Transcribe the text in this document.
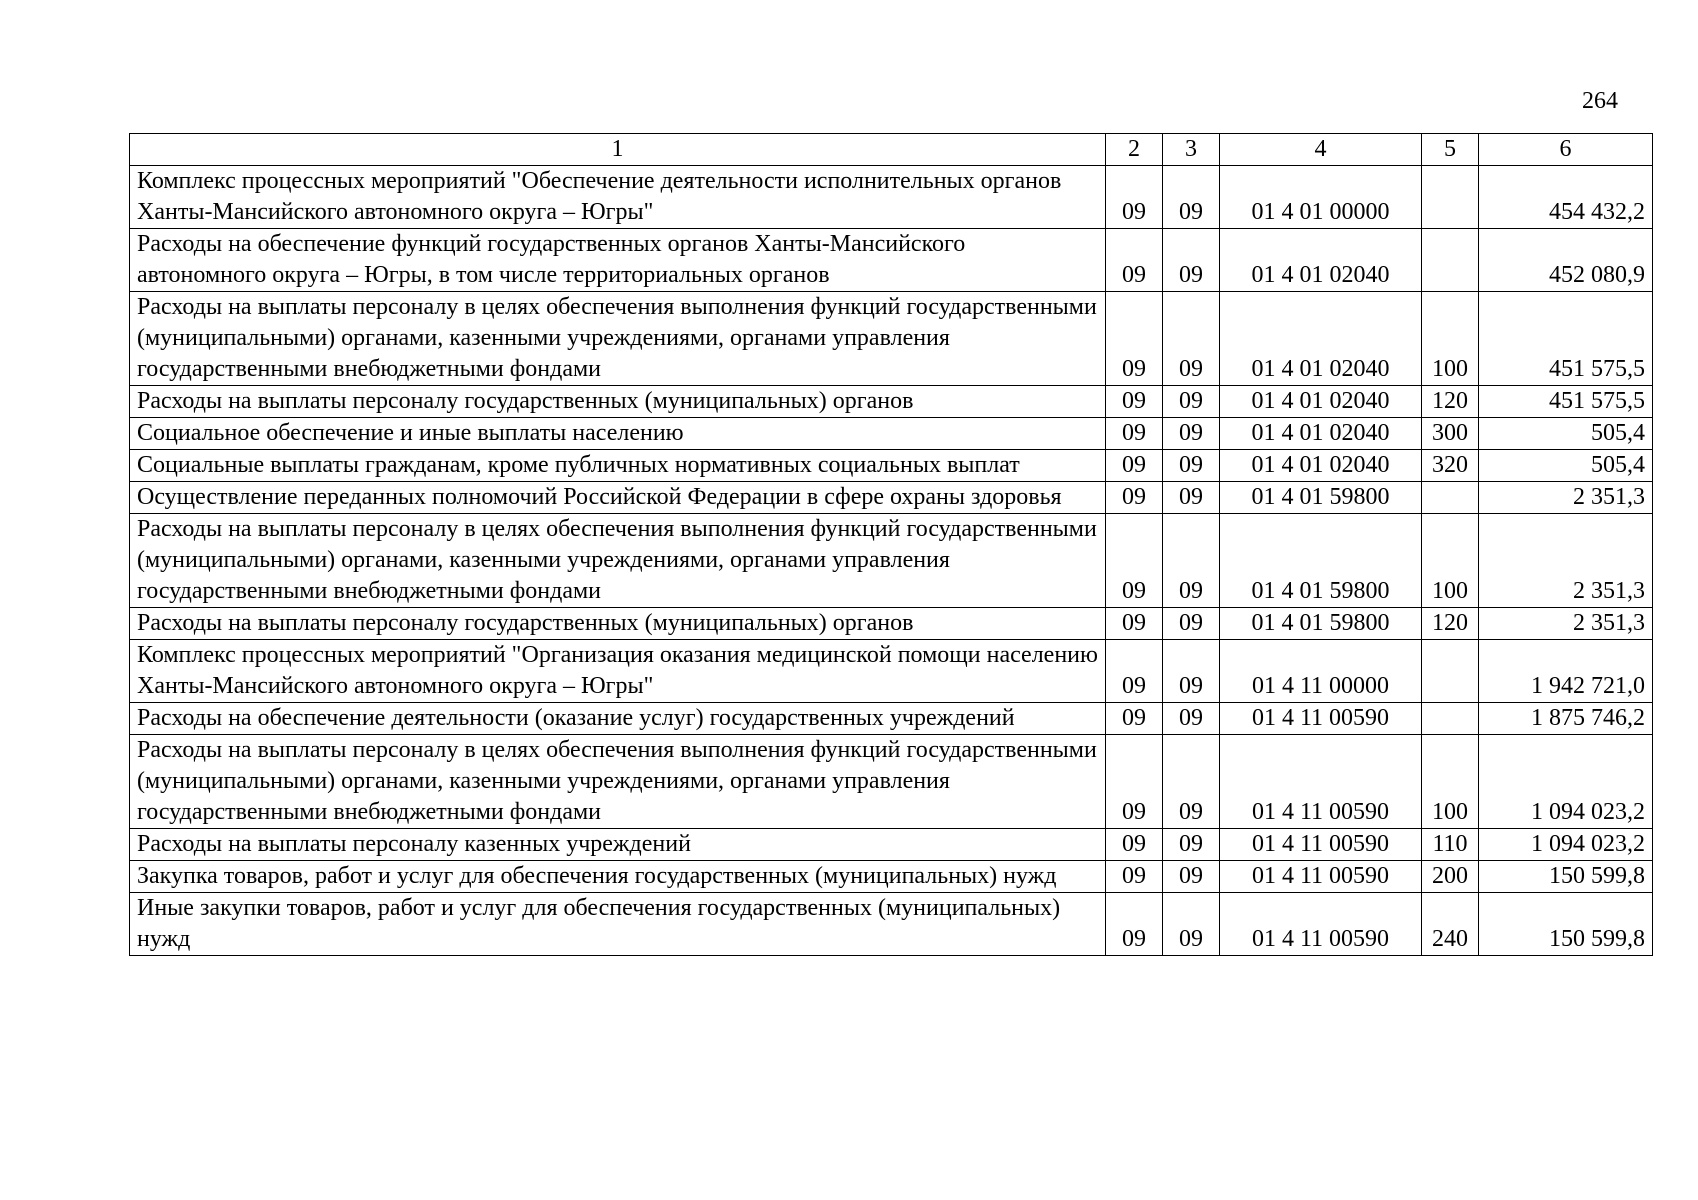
264
1	2	3	4	5	6
Комплекс процессных мероприятий "Обеспечение деятельности исполнительных органов Ханты-Мансийского автономного округа – Югры"	09	09	01 4 01 00000		454 432,2
Расходы на обеспечение функций государственных органов Ханты-Мансийского автономного округа – Югры, в том числе территориальных органов	09	09	01 4 01 02040		452 080,9
Расходы на выплаты персоналу в целях обеспечения выполнения функций государственными (муниципальными) органами, казенными учреждениями, органами управления государственными внебюджетными фондами	09	09	01 4 01 02040	100	451 575,5
Расходы на выплаты персоналу государственных (муниципальных) органов	09	09	01 4 01 02040	120	451 575,5
Социальное обеспечение и иные выплаты населению	09	09	01 4 01 02040	300	505,4
Социальные выплаты гражданам, кроме публичных нормативных социальных выплат	09	09	01 4 01 02040	320	505,4
Осуществление переданных полномочий Российской Федерации в сфере охраны здоровья	09	09	01 4 01 59800		2 351,3
Расходы на выплаты персоналу в целях обеспечения выполнения функций государственными (муниципальными) органами, казенными учреждениями, органами управления государственными внебюджетными фондами	09	09	01 4 01 59800	100	2 351,3
Расходы на выплаты персоналу государственных (муниципальных) органов	09	09	01 4 01 59800	120	2 351,3
Комплекс процессных мероприятий "Организация оказания медицинской помощи населению Ханты-Мансийского автономного округа – Югры"	09	09	01 4 11 00000		1 942 721,0
Расходы на обеспечение деятельности (оказание услуг) государственных учреждений	09	09	01 4 11 00590		1 875 746,2
Расходы на выплаты персоналу в целях обеспечения выполнения функций государственными (муниципальными) органами, казенными учреждениями, органами управления государственными внебюджетными фондами	09	09	01 4 11 00590	100	1 094 023,2
Расходы на выплаты персоналу казенных учреждений	09	09	01 4 11 00590	110	1 094 023,2
Закупка товаров, работ и услуг для обеспечения государственных (муниципальных) нужд	09	09	01 4 11 00590	200	150 599,8
Иные закупки товаров, работ и услуг для обеспечения государственных (муниципальных) нужд	09	09	01 4 11 00590	240	150 599,8
